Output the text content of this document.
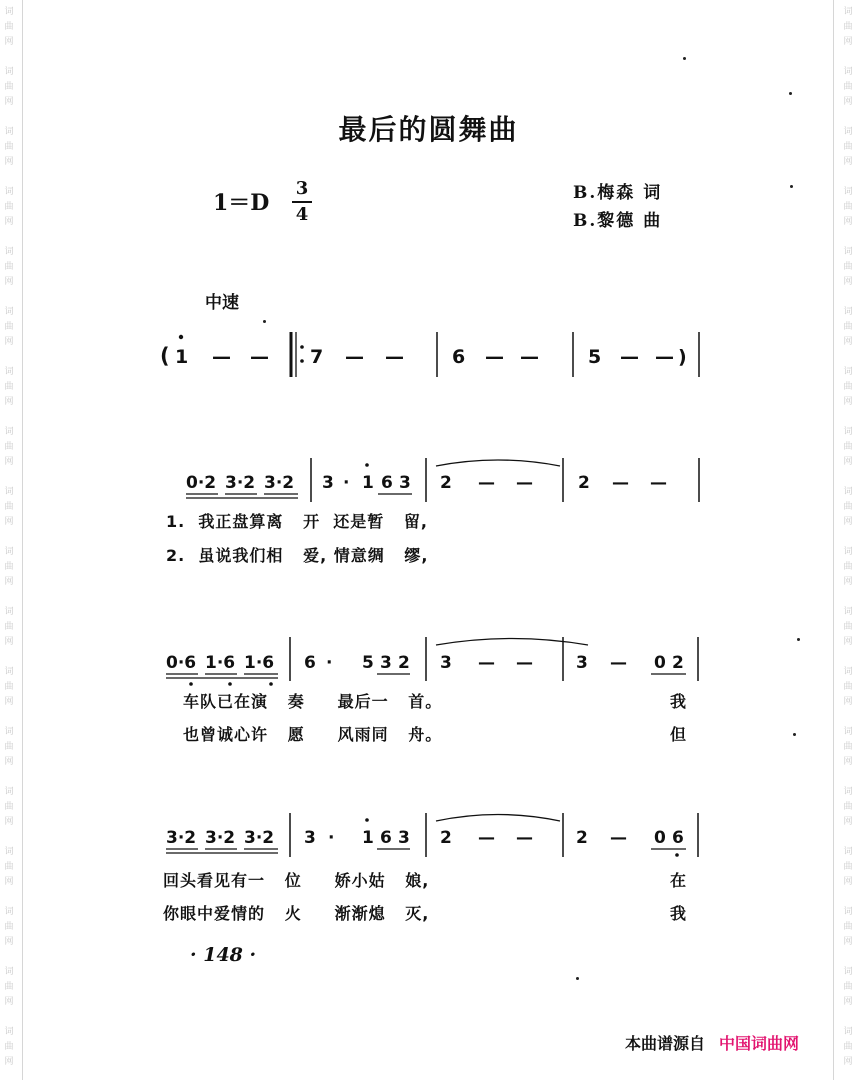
词
曲
网
词
曲
网
词
曲
网
词
曲
网
词
曲
网
词
曲
网
词
曲
网
词
曲
网
词
曲
网
词
曲
网
词
曲
网
词
曲
网
词
曲
网
词
曲
网
词
曲
网
词
曲
网
词
曲
网
词
曲
网
词
曲
网
词
曲
网
词
曲
网
词
曲
网
词
曲
网
词
曲
网
词
曲
网
词
曲
网
词
曲
网
词
曲
网
词
曲
网
词
曲
网
词
曲
网
词
曲
网
词
曲
网
词
曲
网
词
曲
网
词
曲
网
最后的圆舞曲
1＝D
3
4
B.梅森 词
B.黎德 曲
中速
( 1 — — 7 — —	6 — —	5 — — )
0·2 3·2 3·2 3 · 1 6 3 2 — —	2 — —
0·6 1·6 1·6 6 · 5 3 2 3 — —	3 — 0 2
3·2 3·2 3·2 3 · 1 6 3 2 — —	2 — 0 6
1.  我正盘算离   开  还是暂   留,
2.  虽说我们相   爱, 情意绸   缪,
车队已在演   奏     最后一   首。
也曾诚心许   愿     风雨同   舟。
我
但
回头看见有一   位     娇小姑   娘,
你眼中爱情的   火     渐渐熄   灭,
在
我
· 148 ·
本曲谱源自 中国词曲网
